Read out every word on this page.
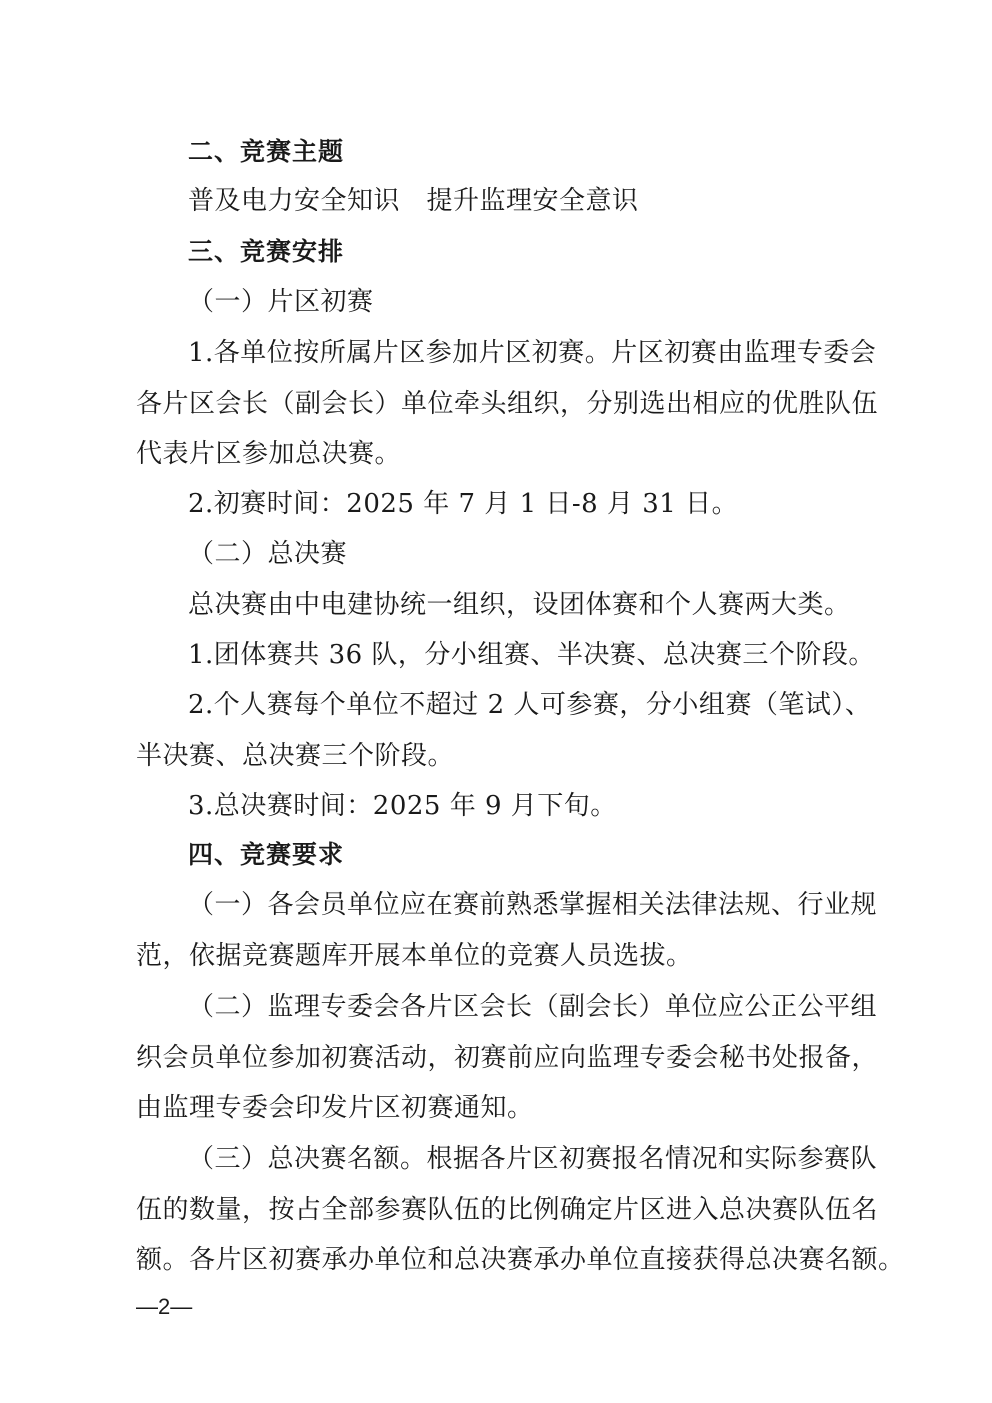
二、竞赛主题
普及电力安全知识　提升监理安全意识
三、竞赛安排
（一）片区初赛
1.各单位按所属片区参加片区初赛。片区初赛由监理专委会
各片区会长（副会长）单位牵头组织，分别选出相应的优胜队伍
代表片区参加总决赛。
2.初赛时间：2025 年 7 月 1 日-8 月 31 日。
（二）总决赛
总决赛由中电建协统一组织，设团体赛和个人赛两大类。
1.团体赛共 36 队，分小组赛、半决赛、总决赛三个阶段。
2.个人赛每个单位不超过 2 人可参赛，分小组赛（笔试）、
半决赛、总决赛三个阶段。
3.总决赛时间：2025 年 9 月下旬。
四、竞赛要求
（一）各会员单位应在赛前熟悉掌握相关法律法规、行业规
范，依据竞赛题库开展本单位的竞赛人员选拔。
（二）监理专委会各片区会长（副会长）单位应公正公平组
织会员单位参加初赛活动，初赛前应向监理专委会秘书处报备，
由监理专委会印发片区初赛通知。
（三）总决赛名额。根据各片区初赛报名情况和实际参赛队
伍的数量，按占全部参赛队伍的比例确定片区进入总决赛队伍名
额。各片区初赛承办单位和总决赛承办单位直接获得总决赛名额。
—2—
